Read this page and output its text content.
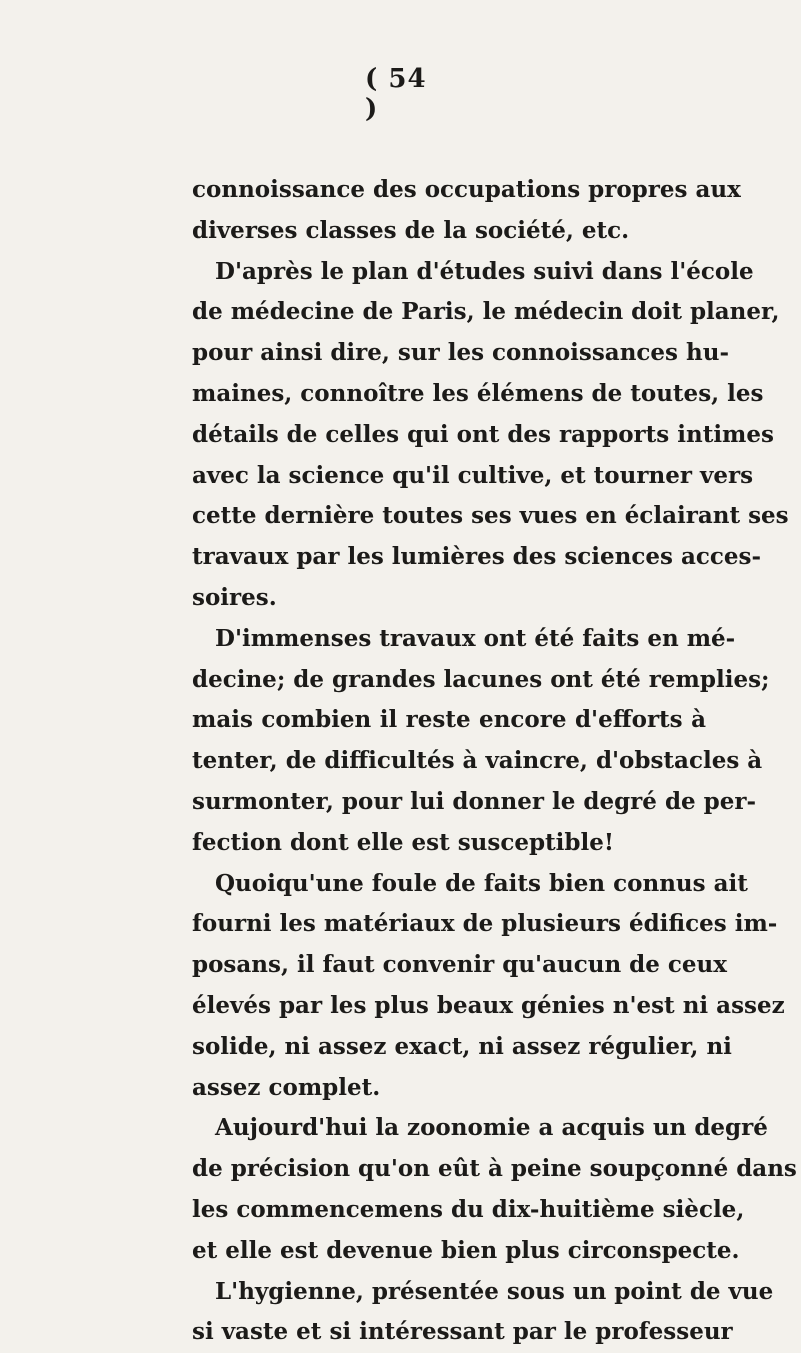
( 54 )
connoissance des occupations propres aux
diverses classes de la société, etc.
D'après le plan d'études suivi dans l'école
de médecine de Paris, le médecin doit planer,
pour ainsi dire, sur les connoissances hu-
maines, connoître les élémens de toutes, les
détails de celles qui ont des rapports intimes
avec la science qu'il cultive, et tourner vers
cette dernière toutes ses vues en éclairant ses
travaux par les lumières des sciences acces-
soires.
D'immenses travaux ont été faits en mé-
decine; de grandes lacunes ont été remplies;
mais combien il reste encore d'efforts à
tenter, de difficultés à vaincre, d'obstacles à
surmonter, pour lui donner le degré de per-
fection dont elle est susceptible!
Quoiqu'une foule de faits bien connus ait
fourni les matériaux de plusieurs édifices im-
posans, il faut convenir qu'aucun de ceux
élevés par les plus beaux génies n'est ni assez
solide, ni assez exact, ni assez régulier, ni
assez complet.
Aujourd'hui la zoonomie a acquis un degré
de précision qu'on eût à peine soupçonné dans
les commencemens du dix-huitième siècle,
et elle est devenue bien plus circonspecte.
L'hygienne, présentée sous un point de vue
si vaste et si intéressant par le professeur
